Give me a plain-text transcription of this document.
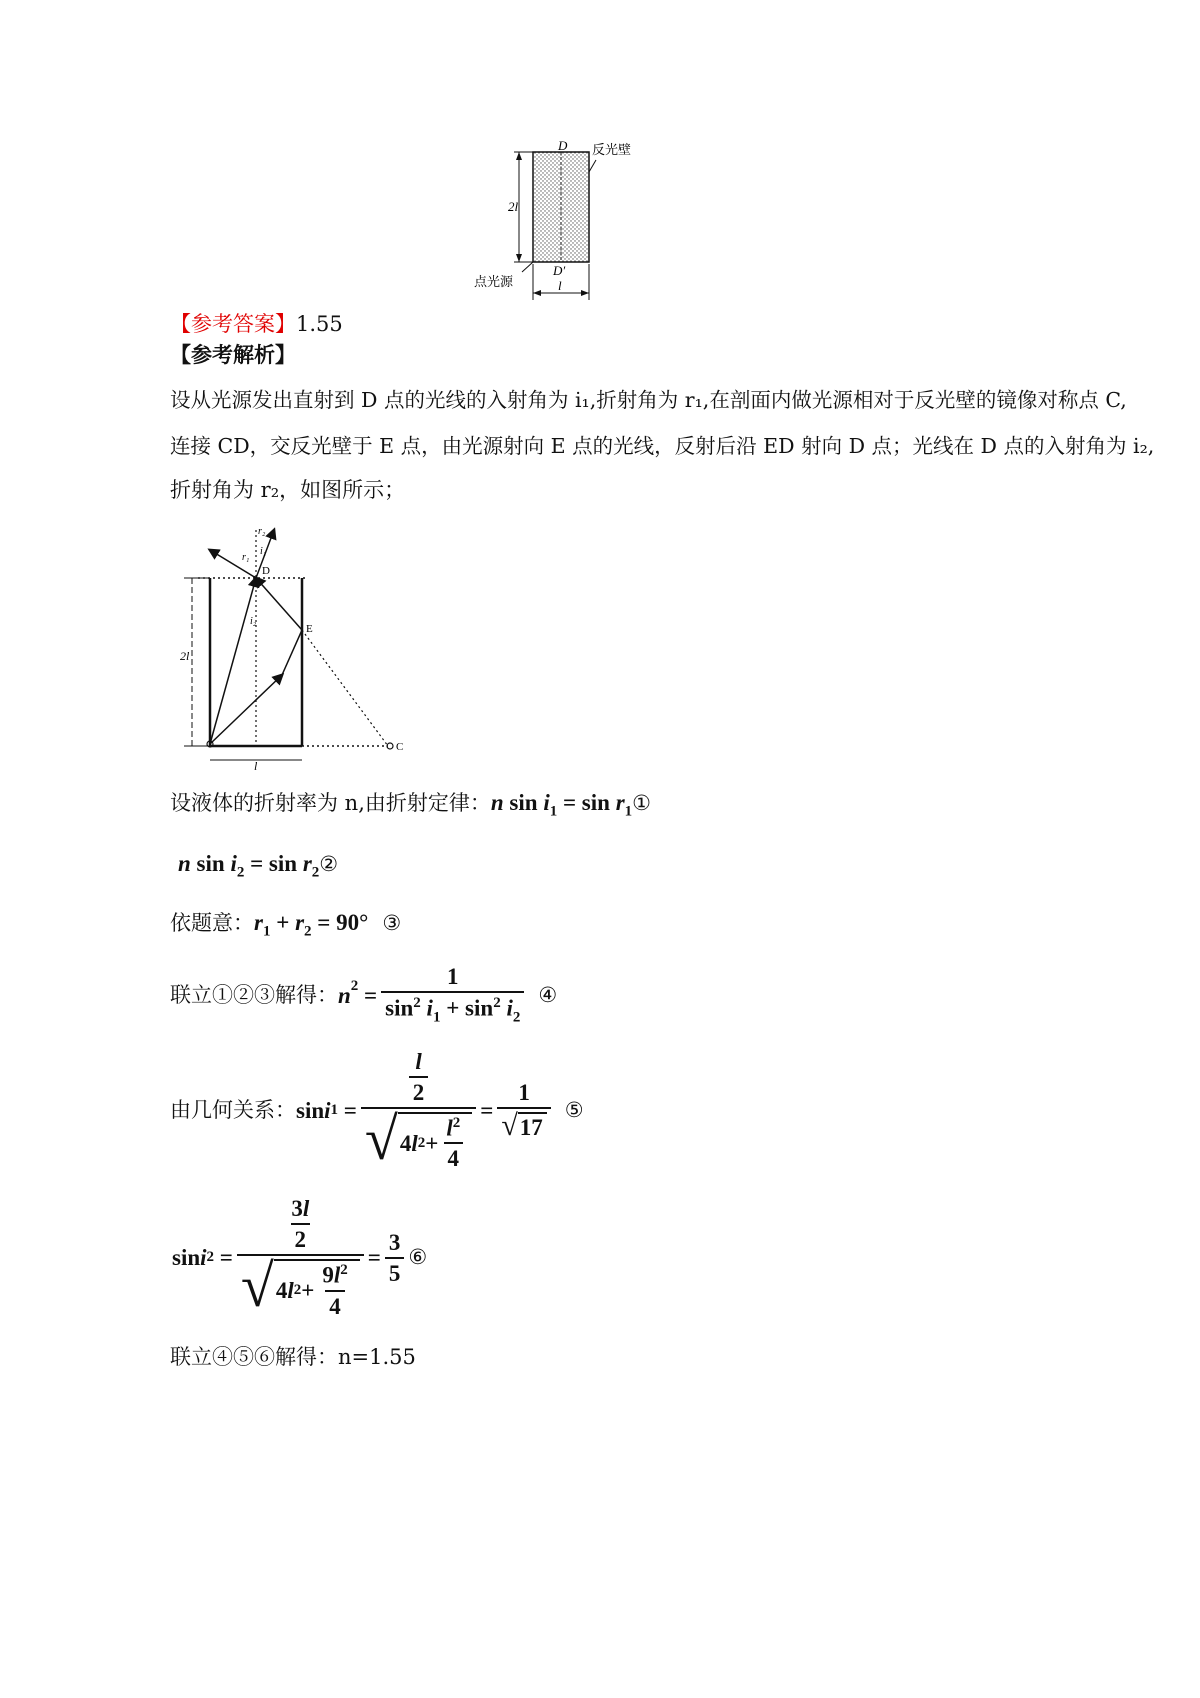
D 反光壁
2l
D′
点光源	l
【参考答案】1.55
【参考解析】
设从光源发出直射到 D 点的光线的入射角为 i₁,折射角为 r₁,在剖面内做光源相对于反光壁的镜像对称点 C,
连接 CD，交反光壁于 E 点，由光源射向 E 点的光线，反射后沿 ED 射向 D 点；光线在 D 点的入射角为 i₂,
折射角为 r₂，如图所示；
2l
l
D
E
C
r₁
i₁
r₂
i₂
设液体的折射率为 n,由折射定律： n $\sin i_1 = \sin r_1$ ①
n $\sin i_2 = \sin r_2$ ②
依题意： $r_1 + r_2 = 90^\circ$ ③
联立①②③解得： $n^2 = \frac{1}{\sin^2 i_1 + \sin^2 i_2}$ ④
由几何关系： sin i $1 = \frac{\frac{l}{2}}{√ 4 l 2 + \frac{l^2}{4}} = \frac{1}{√ 17}$ ⑤
sin i $2 = \frac{\frac{3l}{2}}{√ 4 l 2 + \frac{9l^2}{4}} = \frac{3}{5}$ ⑥
联立④⑤⑥解得：n=1.55
